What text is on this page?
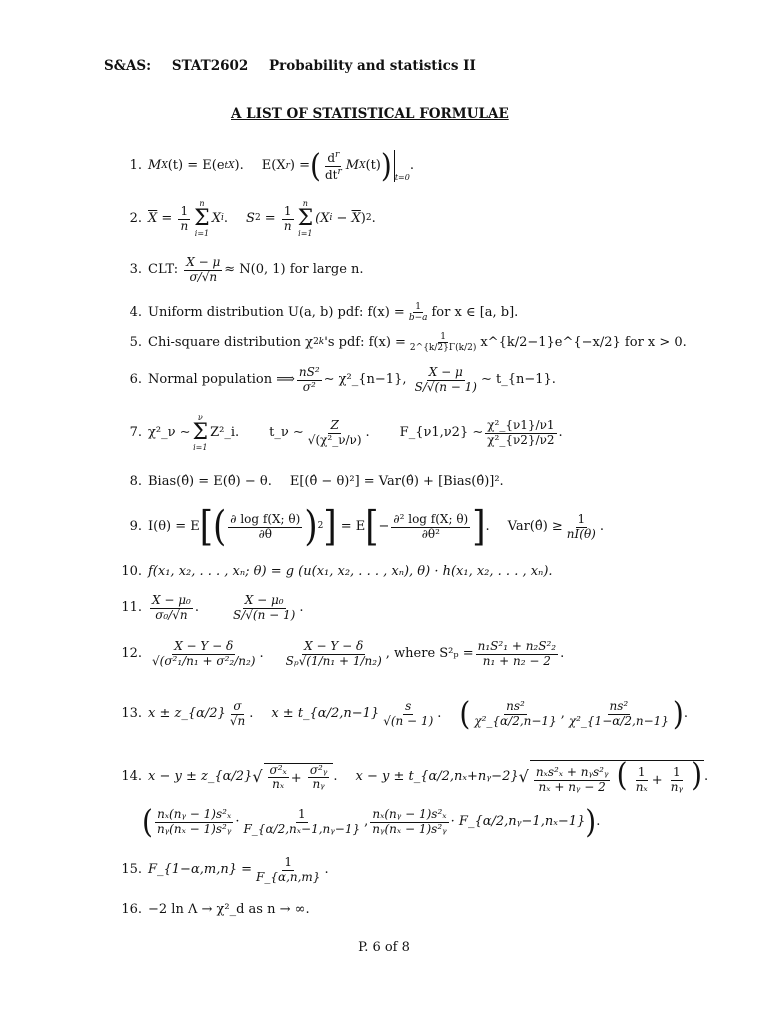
S&AS: STAT2602 Probability and statistics II
A LIST OF STATISTICAL FORMULAE
1. M X (t) = E(e tX ). E(X r ) = ( $\frac{d^r}{dt^r}$ M X (t) ) t=0
.
2. $\overline{X} = \frac{1}{n}$
n
Σ
i=1
X i . S $2 = \frac{1}{n}$
n
Σ
i=1
(X $i - \overline{X}$ ) 2 .
3. CLT:
$\frac{X - \mu}{\sigma/√n} \approx N(0$, 1) for large n.
4. Uniform distribution U(a, b) pdf: $f(x) = \frac{1}{b-a}$ for x ∈ [a, b].
5. Chi-square distribution χ 2 k 's pdf: $f(x) = \frac{1}{2\^{}\{k/2\}\Gamma(k/2)}$ x^{k/2−1}e^{−x/2} for x > 0.
6. Normal population ⟹ $\frac{\text{nS²}}{\text{σ²}}$ ∼ χ²_{n−1},
$\frac{X - \mu}{S/√(n - 1)}$ ∼ t_{n−1}.
7. χ²_ν ∼
ν
Σ
i=1
Z²_i. t_ν ∼ $\frac{Z}{\text{√(χ²\_ν/ν)}}$ . F_{ν1,ν2} ∼ $\frac{\text{χ²\_\{ν1\}/ν1}}{\text{χ²\_\{ν2\}/ν2}}$ .
8. Bias(θ̂) = E(θ̂) − θ. E[(θ̂ − θ)²] = Var(θ̂) + [Bias(θ̂)]².
9. I(θ) = E [( $\frac{\text{∂ log f(X; θ)}}{\partial\theta}$ ) 2 ]
= E [ − $\frac{\text{∂² log f(X; θ)}}{\text{∂θ²}}$ ] . Var(θ̂) ≥ $\frac{1}{nI(\theta)}$ .
10. f(x₁, x₂, . . . , xₙ; θ) = g (u(x₁, x₂, . . . , xₙ), θ) · h(x₁, x₂, . . . , xₙ).
11. $\frac{\text{X − μ₀}}{\text{σ₀/√n}}$ .	$\frac{\text{X − μ₀}}{S/√(n - 1)}$ .
12. $\frac{X - Y - \delta}{\text{√(σ²₁/n₁ + σ²₂/n₂)}}$ . $\frac{X - Y - \delta}{\text{Sₚ√(1/n₁ + 1/n₂)}}$ , where $S^2_p = \frac{\text{n₁S²₁ + n₂S²₂}}{\text{n₁ + n₂ − 2}}$ .
13. x ± z_{α/2} $\frac{\sigma}{√n}$ . x ± t_{α/2,n−1} $\frac{s}{√(n - 1)}$ . ( $\frac{\text{ns²}}{\text{χ²\_\{α/2,n−1\}}}$ , $\frac{\text{ns²}}{\text{χ²\_\{1−α/2,n−1\}}}$ ) .
14. x − y ± z_{α/2} √ $\frac{\text{σ²ₓ}}{\text{nₓ}} + \frac{\text{σ²ᵧ}}{\text{nᵧ}}$ . x − y ± t_{α/2,nₓ+nᵧ−2} √ $\frac{\text{nₓs²ₓ + nᵧs²ᵧ}}{\text{nₓ + nᵧ − 2}}$ ( $\frac{1}{\text{nₓ}} + \frac{1}{\text{nᵧ}}$ ) .
( $\frac{\text{nₓ(nᵧ − 1)s²ₓ}}{\text{nᵧ(nₓ − 1)s²ᵧ}} \cdot \frac{1}{\text{F\_\{α/2,nₓ−1,nᵧ−1\}}}$ , $\frac{\text{nₓ(nᵧ − 1)s²ₓ}}{\text{nᵧ(nₓ − 1)s²ᵧ}}$ · F_{α/2,nᵧ−1,nₓ−1} ) .
15. F_{1−α,m,n} = $\frac{1}{F\_\{\alpha,n,m\}}$ .
16. −2 ln Λ → χ²_d as n → ∞.
P. 6 of 8
